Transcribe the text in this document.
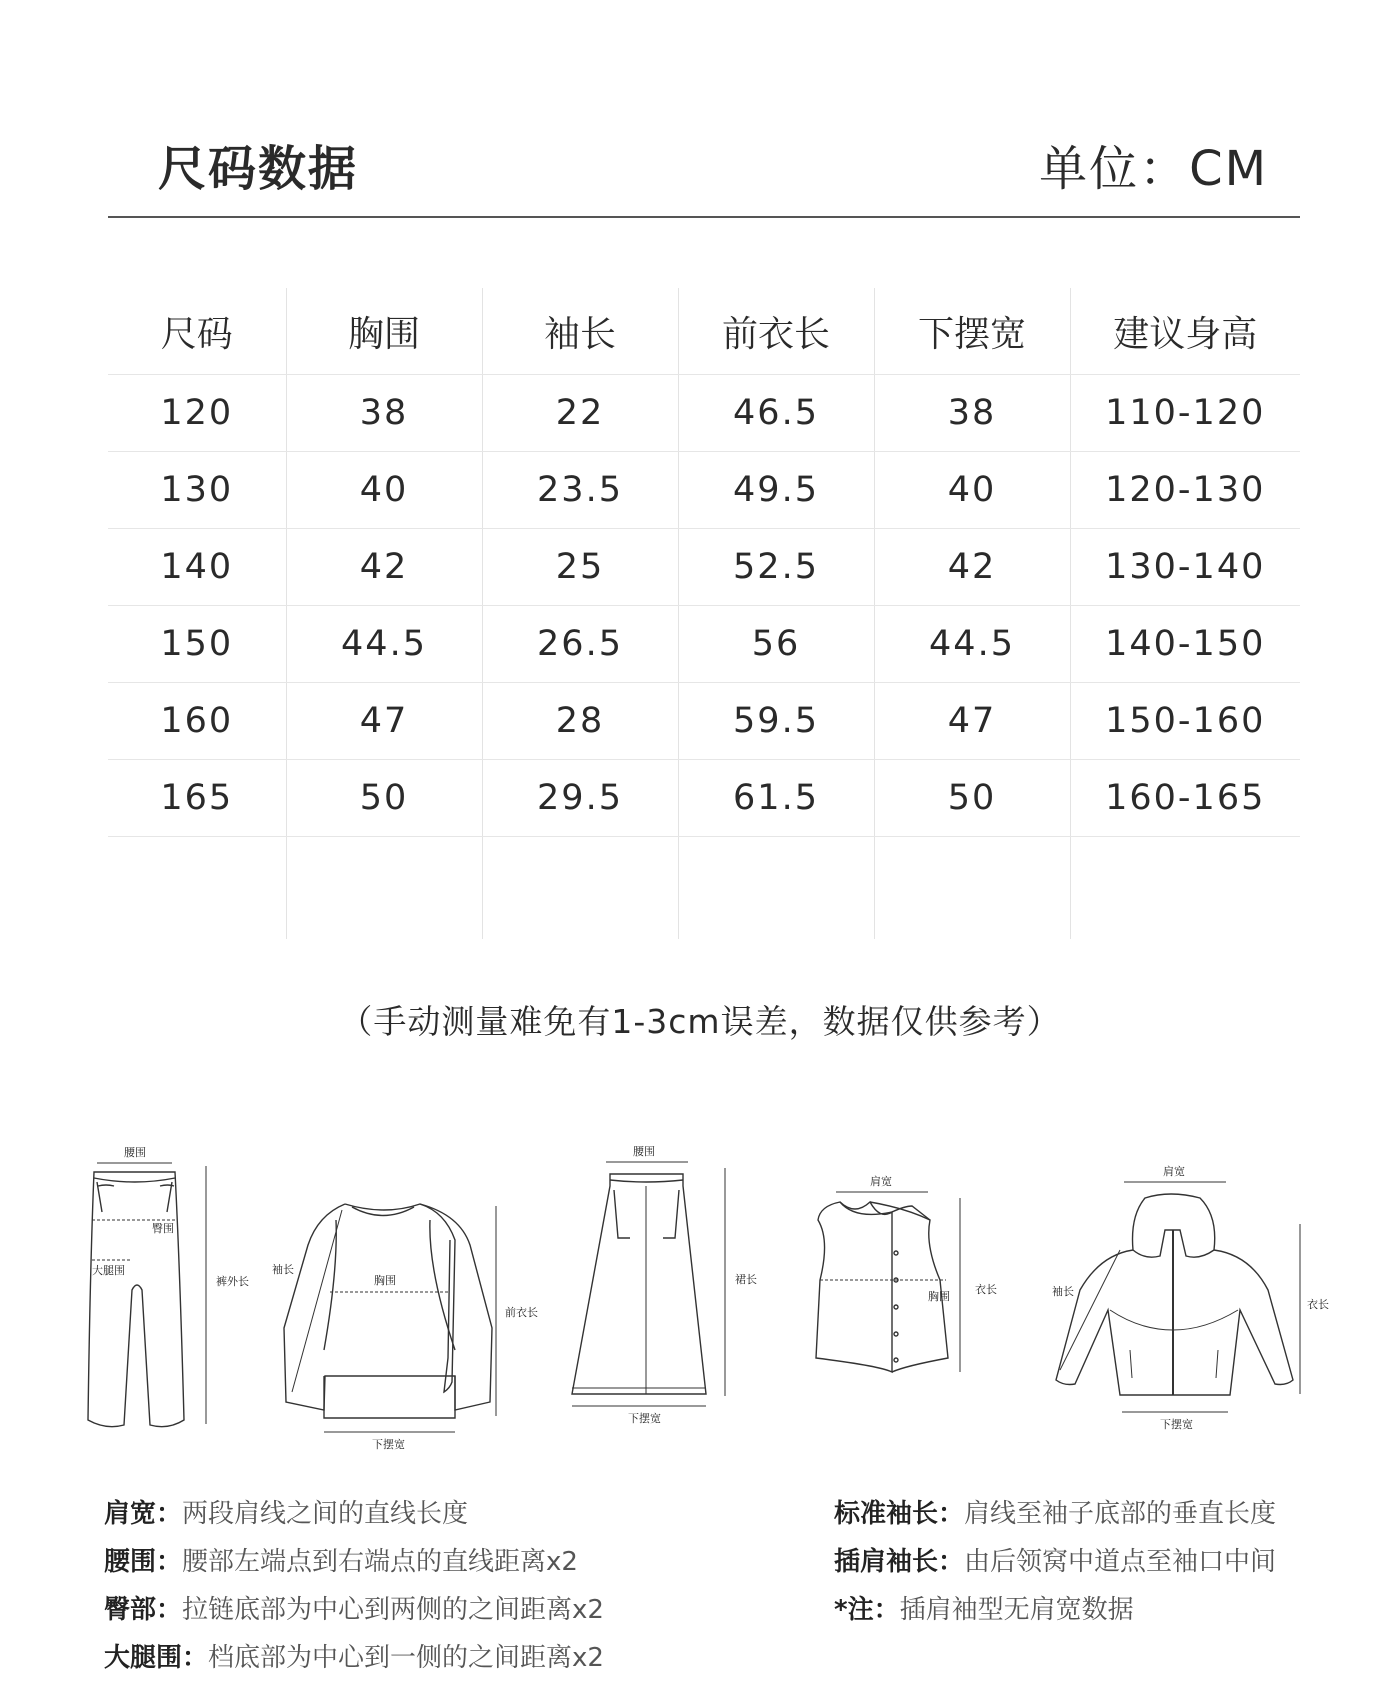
尺码数据	单位：CM
尺码	胸围	袖长	前衣长	下摆宽	建议身高
120	38	22	46.5	38	110-120
130	40	23.5	49.5	40	120-130
140	42	25	52.5	42	130-140
150	44.5	26.5	56	44.5	140-150
160	47	28	59.5	47	150-160
165	50	29.5	61.5	50	160-165

（手动测量难免有1-3cm误差，数据仅供参考）
腰围
臀围
大腿围
裤外长
袖长
胸围
前衣长
下摆宽
腰围
裙长
下摆宽
肩宽
胸围
衣长
肩宽
袖长
衣长
下摆宽
肩宽：两段肩线之间的直线长度
腰围：腰部左端点到右端点的直线距离x2
臀部：拉链底部为中心到两侧的之间距离x2
大腿围：档底部为中心到一侧的之间距离x2
标准袖长：肩线至袖子底部的垂直长度
插肩袖长：由后领窝中道点至袖口中间
*注：插肩袖型无肩宽数据
